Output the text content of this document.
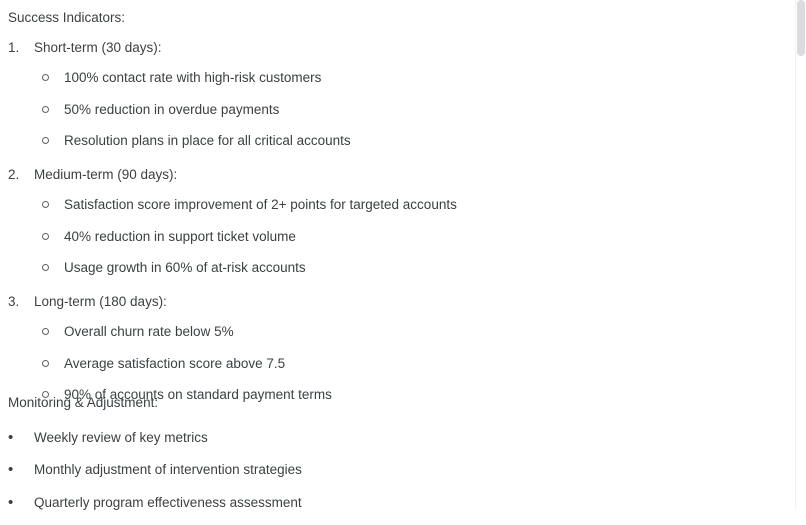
Success Indicators:
1.	Short-term (30 days):
100% contact rate with high-risk customers
50% reduction in overdue payments
Resolution plans in place for all critical accounts
2.	Medium-term (90 days):
Satisfaction score improvement of 2+ points for targeted accounts
40% reduction in support ticket volume
Usage growth in 60% of at-risk accounts
3.	Long-term (180 days):
Overall churn rate below 5%
Average satisfaction score above 7.5
90% of accounts on standard payment terms
Monitoring & Adjustment:
•	Weekly review of key metrics
•	Monthly adjustment of intervention strategies
•	Quarterly program effectiveness assessment
